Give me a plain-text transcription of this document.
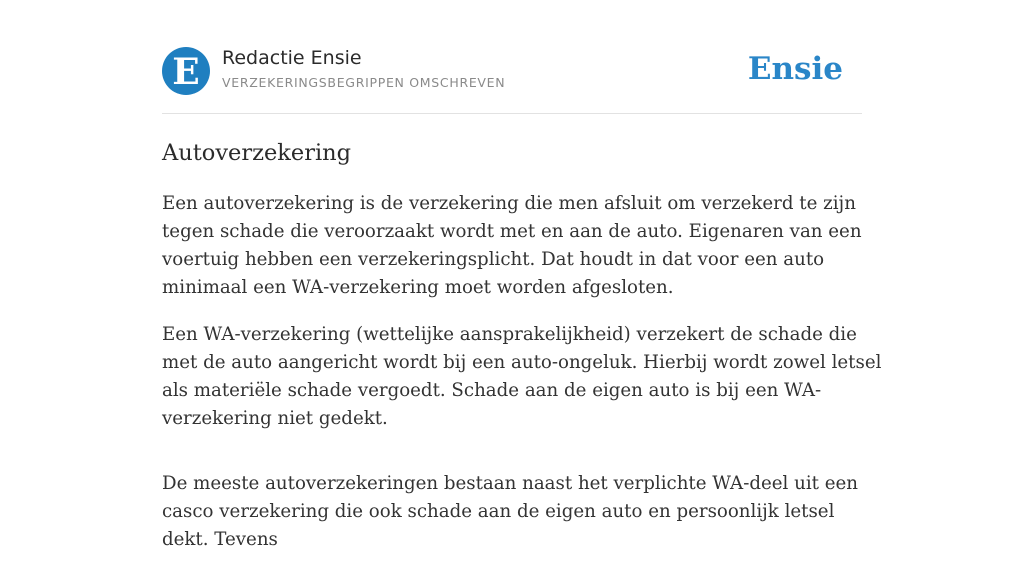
E Redactie Ensie
VERZEKERINGSBEGRIPPEN OMSCHREVEN	Ensie
Autoverzekering

Een autoverzekering is de verzekering die men afsluit om verzekerd te zijn tegen schade die veroorzaakt wordt met en aan de auto. Eigenaren van een voertuig hebben een verzekeringsplicht. Dat houdt in dat voor een auto minimaal een WA-verzekering moet worden afgesloten.

Een WA-verzekering (wettelijke aansprakelijkheid) verzekert de schade die met de auto aangericht wordt bij een auto-ongeluk. Hierbij wordt zowel letsel als materiële schade vergoedt. Schade aan de eigen auto is bij een WA-verzekering niet gedekt.

De meeste autoverzekeringen bestaan naast het verplichte WA-deel uit een casco verzekering die ook schade aan de eigen auto en persoonlijk letsel dekt. Tevens
